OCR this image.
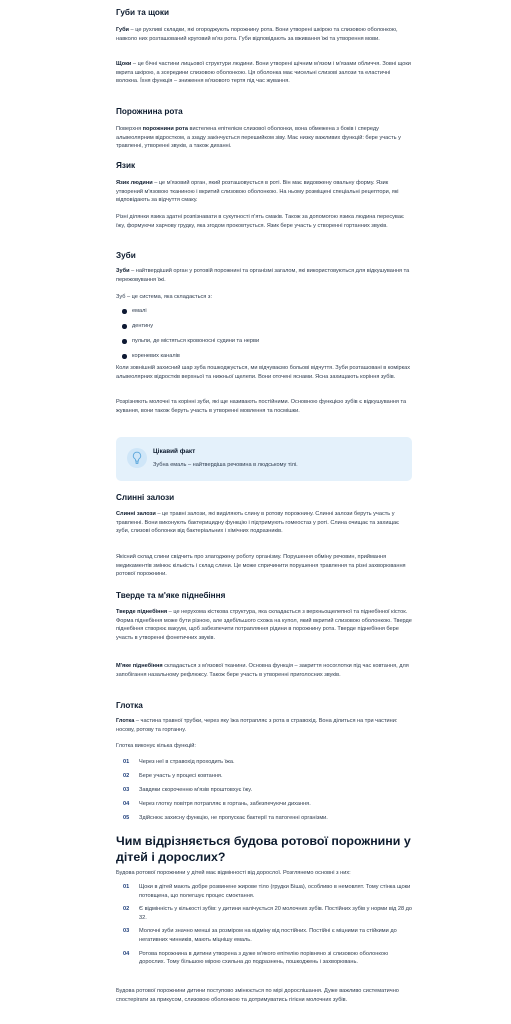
Губи та щоки

Губи – це рухливі складки, які огороджують порожнину рота. Вони утворені шкірою та слизовою оболонкою, навколо них розташований круговий м'яз рота. Губи відповідають за вживання їжі та утворення мови.

Щоки – це бічні частини лицьової структури людини. Вони утворені щічним м'язом і м'язами обличчя. Зовні щоки вкрита шкірою, а зсередини слизовою оболонкою. Ця оболонка має чисельні слизові залози та еластичні волокна. Їхня функція – зниження м'язового тертя під час жування.

Порожнина рота

Поверхня порожнини рота вистелена епітелієм слизової оболонки, вона обмежена з боків і спереду альвеолярним відростком, а ззаду закінчується перешийком зіву. Має низку важливих функцій: бере участь у травленні, утворенні звуків, а також диханні.

Язик

Язик людини – це м'язовий орган, який розташовується в роті. Він має видовжену овальну форму. Язик утворений м'язовою тканиною і вкритий слизовою оболонкою. На ньому розміщені спеціальні рецептори, які відповідають за відчуття смаку.

Різні ділянки язика здатні розпізнавати в сукупності п'ять смаків. Також за допомогою язика людина пересуває їжу, формуючи харчову грудку, яка згодом проковтується. Язик бере участь у створенні гортанних звуків.

Зуби

Зуби – найтвердіший орган у ротовій порожнині та організмі загалом, які використовуються для відкушування та пережовування їжі.

Зуб – це система, яка складається з:

емалі
дентину
пульпи, де містяться кровоносні судини та нерви
кореневих каналів

Коли зовнішній захисний шар зуба пошкоджується, ми відчуваємо больові відчуття. Зуби розташовані в комірках альвеолярних відростків верхньої та нижньої щелепи. Вони оточені яснами. Ясна захищають коріння зубів.

Розрізняють молочні та корінні зуби, які ще називають постійними. Основною функцією зубів є відкушування та жування, вони також беруть участь в утворенні мовлення та посмішки.

Цікавий факт
Зубна емаль – найтвердіша речовина в людському тілі.
Слинні залози

Слинні залози – це травні залози, які виділяють слину в ротову порожнину. Слинні залози беруть участь у травленні. Вони виконують бактерицидну функцію і підтримують гомеостаз у роті. Слина очищає та захищає зуби, слизові оболонки від бактеріальних і хімічних подразників.

Якісний склад слини свідчить про злагоджену роботу організму. Порушення обміну речовин, приймання медикаментів змінює кількість і склад слини. Це може спричинити порушення травлення та різні захворювання ротової порожнини.

Тверде та м'яке піднебіння

Тверде піднебіння – це нерухома кісткова структура, яка складається з верхньощелепної та піднебінної кісток. Форма піднебіння може бути різною, але здебільшого схожа на купол, який вкритий слизовою оболонкою. Тверде піднебіння створює вакуум, щоб забезпечити потрапляння рідини в порожнину рота. Тверде піднебіння бере участь в утворенні фонетичних звуків.

М'яке піднебіння складається з м'язової тканини. Основна функція – закриття носоглотки під час ковтання, для запобігання назальному рефлюксу. Також бере участь в утворенні приголосних звуків.

Глотка

Глотка – частина травної трубки, через яку їжа потрапляє з рота в стравохід. Вона ділиться на три частини: носову, ротову та гортанну.

Глотка виконує кілька функцій:

01	Через неї в стравохід проходить їжа.
02	Бере участь у процесі ковтання.
03	Завдяки скороченню м'язів проштовхує їжу.
04	Через глотку повітря потрапляє в гортань, забезпечуючи дихання.
05	Здійснює захисну функцію, не пропускає бактерії та патогенні організми.
Чим відрізняється будова ротової порожнини у дітей і дорослих?

Будова ротової порожнини у дітей має відмінності від дорослої. Розглянемо основні з них:

01	Щоки в дітей мають добре розвинене жирове тіло (грудки Біша), особливо в немовлят. Тому стінка щоки потовщена, що полегшує процес смоктання.
02	Є відмінність у кількості зубів: у дитини налічується 20 молочних зубів. Постійних зубів у норми від 28 до 32.
03	Молочні зуби значно менші за розміром на відміну від постійних. Постійні є міцними та стійкими до негативних чинників, мають міцнішу емаль.
04	Ротова порожнина в дитини утворена з дуже м'якого епітелію порівняно зі слизовою оболонкою дорослих. Тому більшою мірою схильна до подразнень, пошкоджень і захворювань.

Будова ротової порожнини дитини поступово змінюється по мірі дорослішання. Дуже важливо систематично спостерігати за прикусом, слизовою оболонкою та дотримуватись гігієни молочних зубів.
